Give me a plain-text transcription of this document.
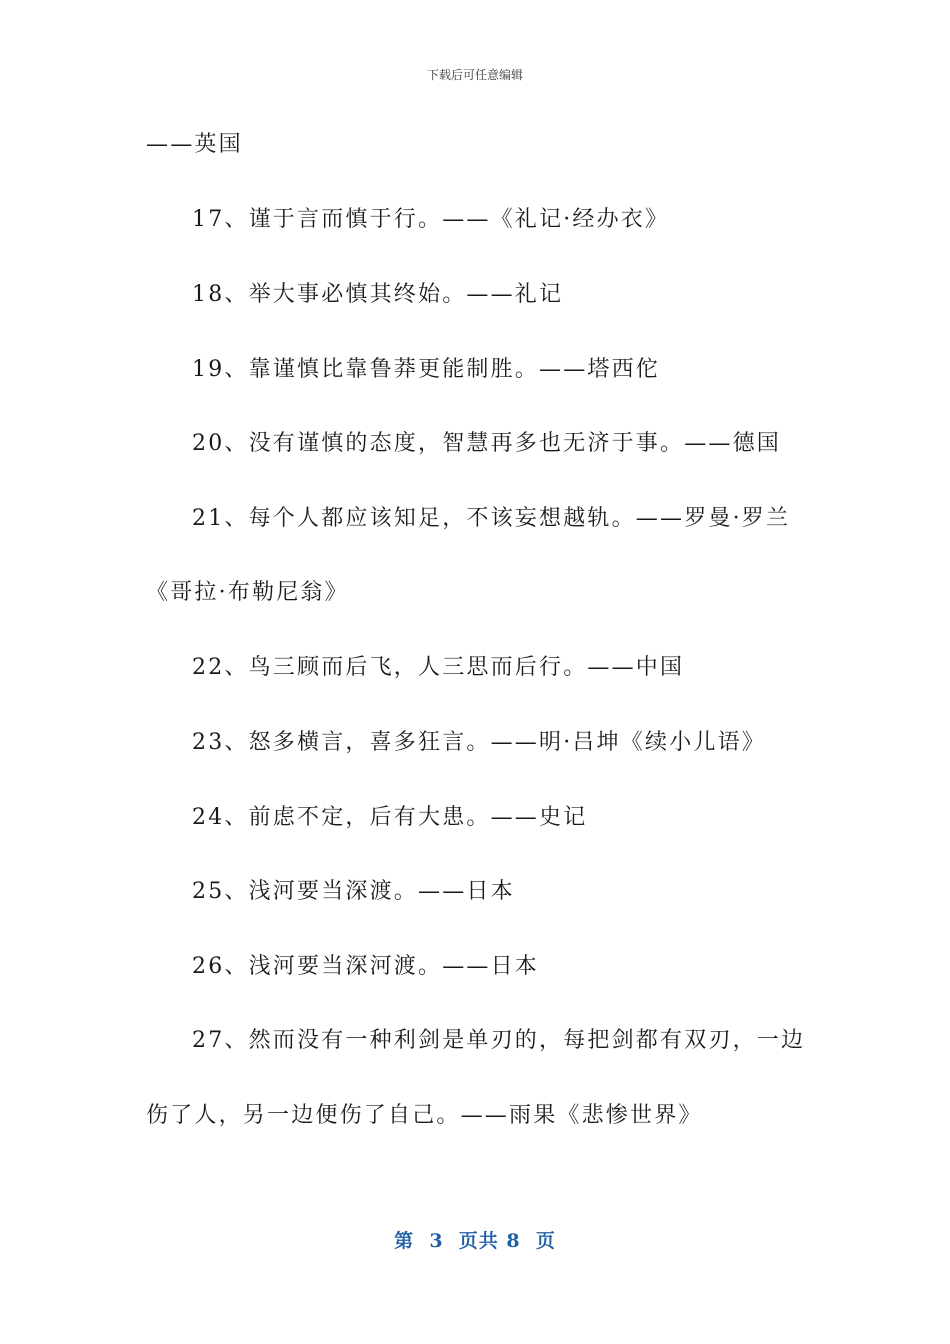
下载后可任意编辑
——英国
17、谨于言而慎于行。——《礼记·经办衣》
18、举大事必慎其终始。——礼记
19、靠谨慎比靠鲁莽更能制胜。——塔西佗
20、没有谨慎的态度，智慧再多也无济于事。——德国
21、每个人都应该知足，不该妄想越轨。——罗曼·罗兰
《哥拉·布勒尼翁》
22、鸟三顾而后飞，人三思而后行。——中国
23、怒多横言，喜多狂言。——明·吕坤《续小儿语》
24、前虑不定，后有大患。——史记
25、浅河要当深渡。——日本
26、浅河要当深河渡。——日本
27、然而没有一种利剑是单刃的，每把剑都有双刃，一边
伤了人，另一边便伤了自己。——雨果《悲惨世界》
第  3  页共 8  页
